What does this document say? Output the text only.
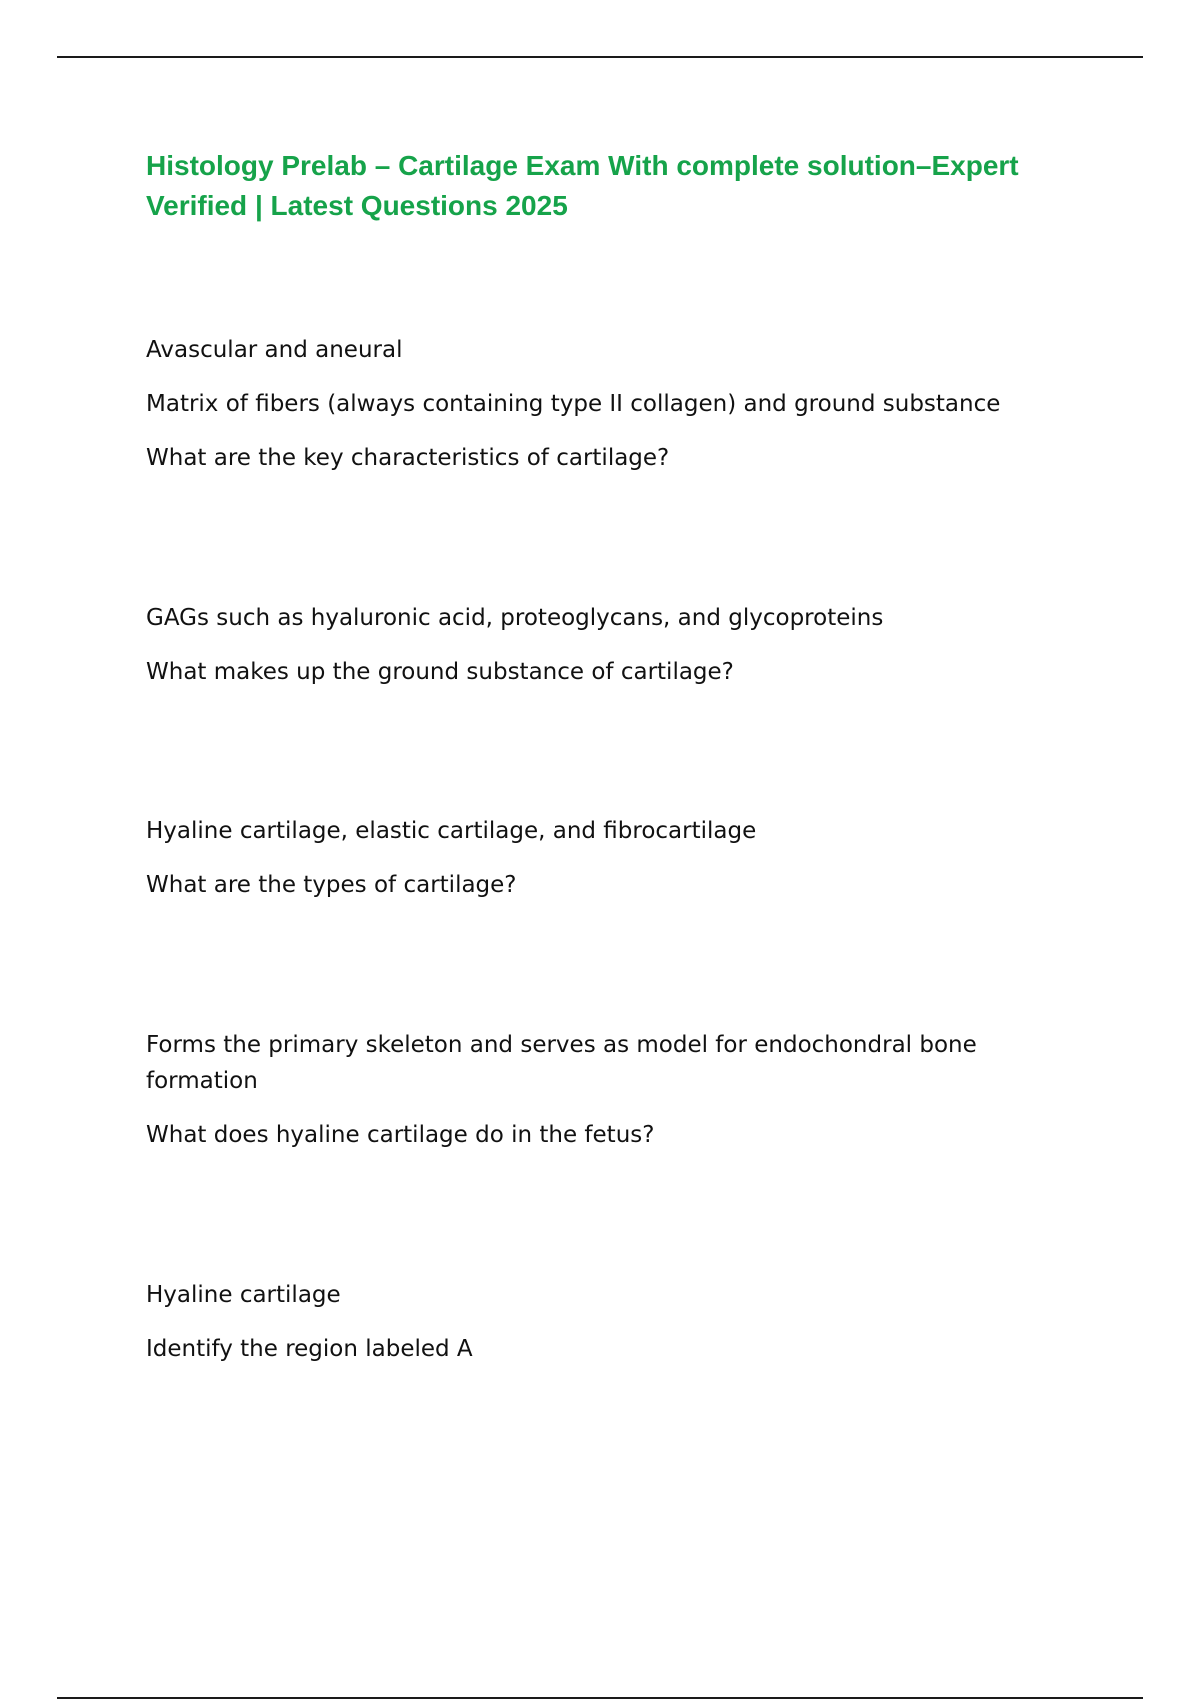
Histology Prelab – Cartilage Exam With complete solution–Expert Verified | Latest Questions 2025

Avascular and aneural

Matrix of fibers (always containing type II collagen) and ground substance

What are the key characteristics of cartilage?

GAGs such as hyaluronic acid, proteoglycans, and glycoproteins

What makes up the ground substance of cartilage?

Hyaline cartilage, elastic cartilage, and fibrocartilage

What are the types of cartilage?

Forms the primary skeleton and serves as model for endochondral bone formation

What does hyaline cartilage do in the fetus?

Hyaline cartilage

Identify the region labeled A
